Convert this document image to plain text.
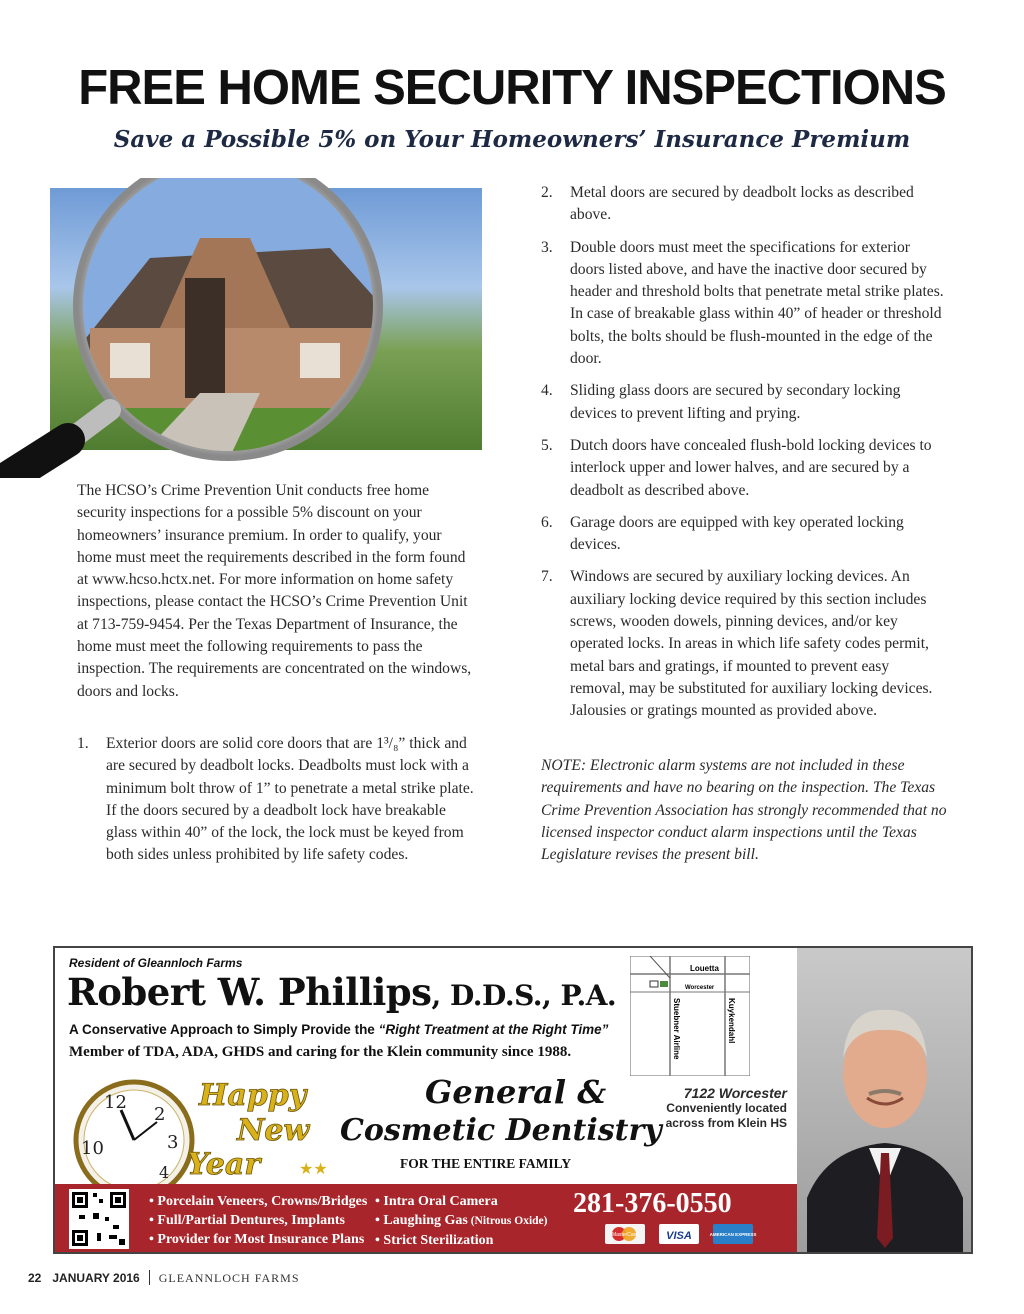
FREE HOME SECURITY INSPECTIONS
Save a Possible 5% on Your Homeowners’ Insurance Premium

The HCSO’s Crime Prevention Unit conducts free home security inspections for a possible 5% discount on your homeowners’ insurance premium. In order to qualify, your home must meet the requirements described in the form found at www.hcso.hctx.net. For more information on home safety inspections, please contact the HCSO’s Crime Prevention Unit at 713-759-9454. Per the Texas Department of Insurance, the home must meet the following requirements to pass the inspection. The requirements are concentrated on the windows, doors and locks.

1. Exterior doors are solid core doors that are 1³/₈” thick and are secured by deadbolt locks. Deadbolts must lock with a minimum bolt throw of 1” to penetrate a metal strike plate. If the doors secured by a deadbolt lock have breakable glass within 40” of the lock, the lock must be keyed from both sides unless prohibited by life safety codes.
2. Metal doors are secured by deadbolt locks as described above.
3. Double doors must meet the specifications for exterior doors listed above, and have the inactive door secured by header and threshold bolts that penetrate metal strike plates. In case of breakable glass within 40” of header or threshold bolts, the bolts should be flush-mounted in the edge of the door.
4. Sliding glass doors are secured by secondary locking devices to prevent lifting and prying.
5. Dutch doors have concealed flush-bold locking devices to interlock upper and lower halves, and are secured by a deadbolt as described above.
6. Garage doors are equipped with key operated locking devices.
7. Windows are secured by auxiliary locking devices. An auxiliary locking device required by this section includes screws, wooden dowels, pinning devices, and/or key operated locks. In areas in which life safety codes permit, metal bars and gratings, if mounted to prevent easy removal, may be substituted for auxiliary locking devices. Jalousies or gratings mounted as provided above.

NOTE: Electronic alarm systems are not included in these requirements and have no bearing on the inspection. The Texas Crime Prevention Association has strongly recommended that no licensed inspector conduct alarm inspections until the Texas Legislature revises the present bill.

Resident of Gleannloch Farms
Robert W. Phillips, D.D.S., P.A.
A Conservative Approach to Simply Provide the “Right Treatment at the Right Time”
Member of TDA, ADA, GHDS and caring for the Klein community since 1988.
Louetta
Worcester
Stuebner Airline	Kuykendahl
7122 Worcester
Conveniently located
across from Klein HS
General &
Cosmetic Dentistry
FOR THE ENTIRE FAMILY
12
2
3
10
4
Happy
New
Year ★★
• Porcelain Veneers, Crowns/Bridges
• Full/Partial Dentures, Implants
• Provider for Most Insurance Plans
• Intra Oral Camera
• Laughing Gas (Nitrous Oxide)
• Strict Sterilization
281-376-0550
MasterCard	VISA	AMERICAN EXPRESS
22 JANUARY 2016 GLEANNLOCH FARMS
